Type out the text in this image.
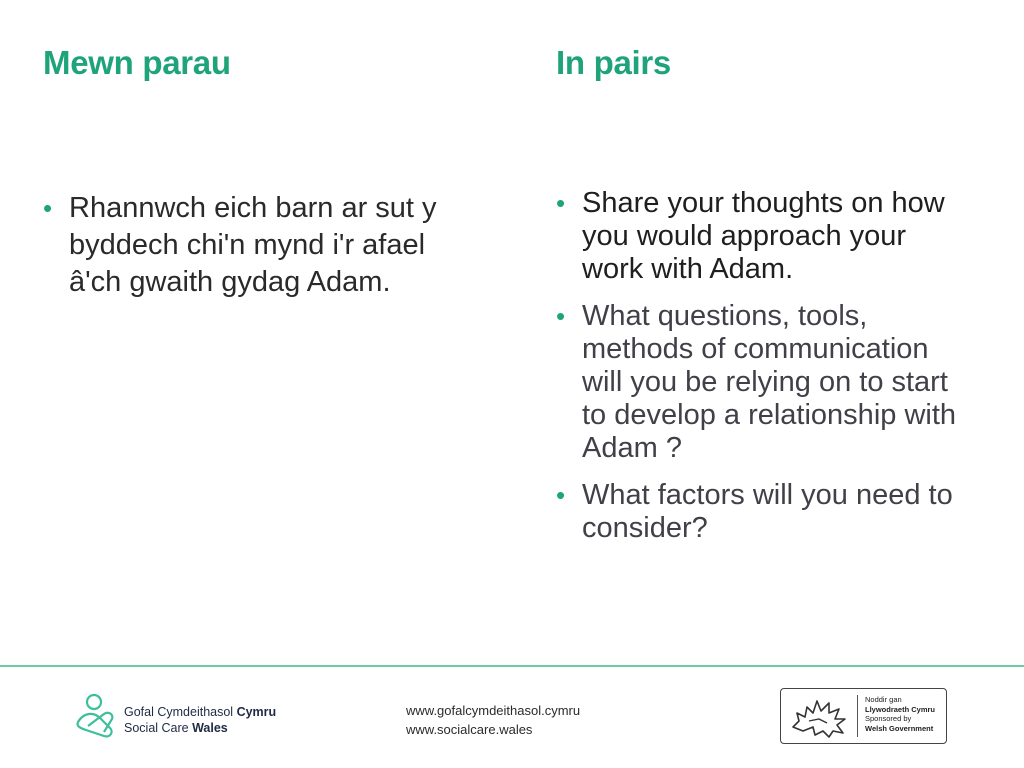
Mewn parau	In pairs
• Rhannwch eich barn ar sut y byddech chi'n mynd i'r afael â'ch gwaith gydag Adam.
• Share your thoughts on how you would approach your work with Adam.
• What questions, tools, methods of communication will you be relying on to start to develop a relationship with Adam ?
• What factors will you need to consider?
Gofal Cymdeithasol Cymru
Social Care Wales
www.gofalcymdeithasol.cymru
www.socialcare.wales
Noddir gan
Llywodraeth Cymru
Sponsored by
Welsh Government
